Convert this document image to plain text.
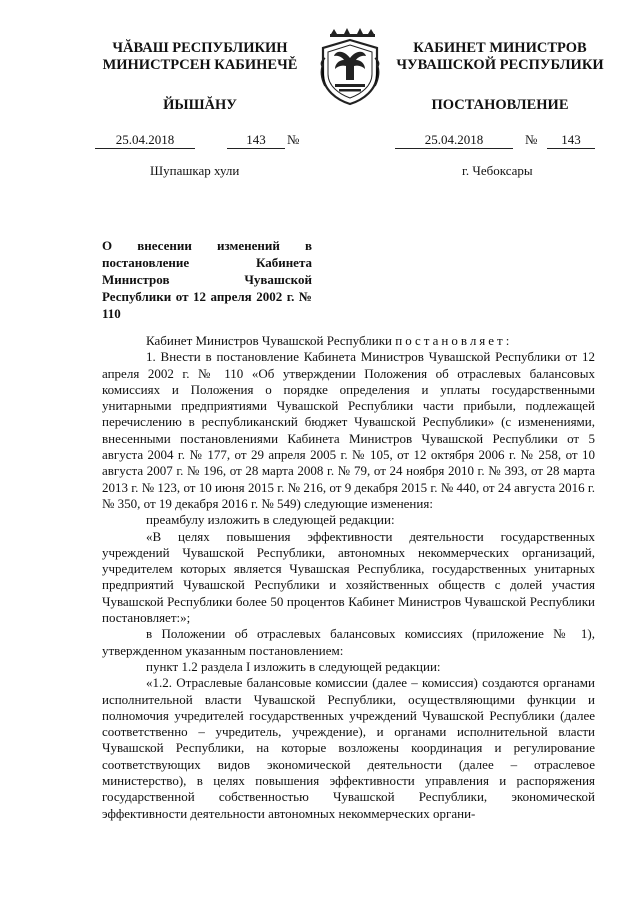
ЧĂВАШ РЕСПУБЛИКИН
МИНИСТРСЕН КАБИНЕЧĚ
КАБИНЕТ МИНИСТРОВ
ЧУВАШСКОЙ РЕСПУБЛИКИ
ЙЫШĂНУ	ПОСТАНОВЛЕНИЕ
25.04.2018	143	№	25.04.2018	№	143
Шупашкар хули	г. Чебоксары
О внесении изменений в постановление Кабинета Министров Чувашской Республики от 12 апреля 2002 г. № 110

Кабинет Министров Чувашской Республики постановляет:

1. Внести в постановление Кабинета Министров Чувашской Республики от 12 апреля 2002 г. № 110 «Об утверждении Положения об отраслевых балансовых комиссиях и Положения о порядке определения и уплаты государственными унитарными предприятиями Чувашской Республики части прибыли, подлежащей перечислению в республиканский бюджет Чувашской Республики» (с изменениями, внесенными постановлениями Кабинета Министров Чувашской Республики от 5 августа 2004 г. № 177, от 29 апреля 2005 г. № 105, от 12 октября 2006 г. № 258, от 10 августа 2007 г. № 196, от 28 марта 2008 г. № 79, от 24 ноября 2010 г. № 393, от 28 марта 2013 г. № 123, от 10 июня 2015 г. № 216, от 9 декабря 2015 г. № 440, от 24 августа 2016 г. № 350, от 19 декабря 2016 г. № 549) следующие изменения:

преамбулу изложить в следующей редакции:

«В целях повышения эффективности деятельности государственных учреждений Чувашской Республики, автономных некоммерческих организаций, учредителем которых является Чувашская Республика, государственных унитарных предприятий Чувашской Республики и хозяйственных обществ с долей участия Чувашской Республики более 50 процентов Кабинет Министров Чувашской Республики постановляет:»;

в Положении об отраслевых балансовых комиссиях (приложение № 1), утвержденном указанным постановлением:

пункт 1.2 раздела I изложить в следующей редакции:

«1.2. Отраслевые балансовые комиссии (далее – комиссия) создаются органами исполнительной власти Чувашской Республики, осуществляющими функции и полномочия учредителей государственных учреждений Чувашской Республики (далее соответственно – учредитель, учреждение), и органами исполнительной власти Чувашской Республики, на которые возложены координация и регулирование соответствующих видов экономической деятельности (далее – отраслевое министерство), в целях повышения эффективности управления и распоряжения государственной собственностью Чувашской Республики, экономической эффективности деятельности автономных некоммерческих органи-
